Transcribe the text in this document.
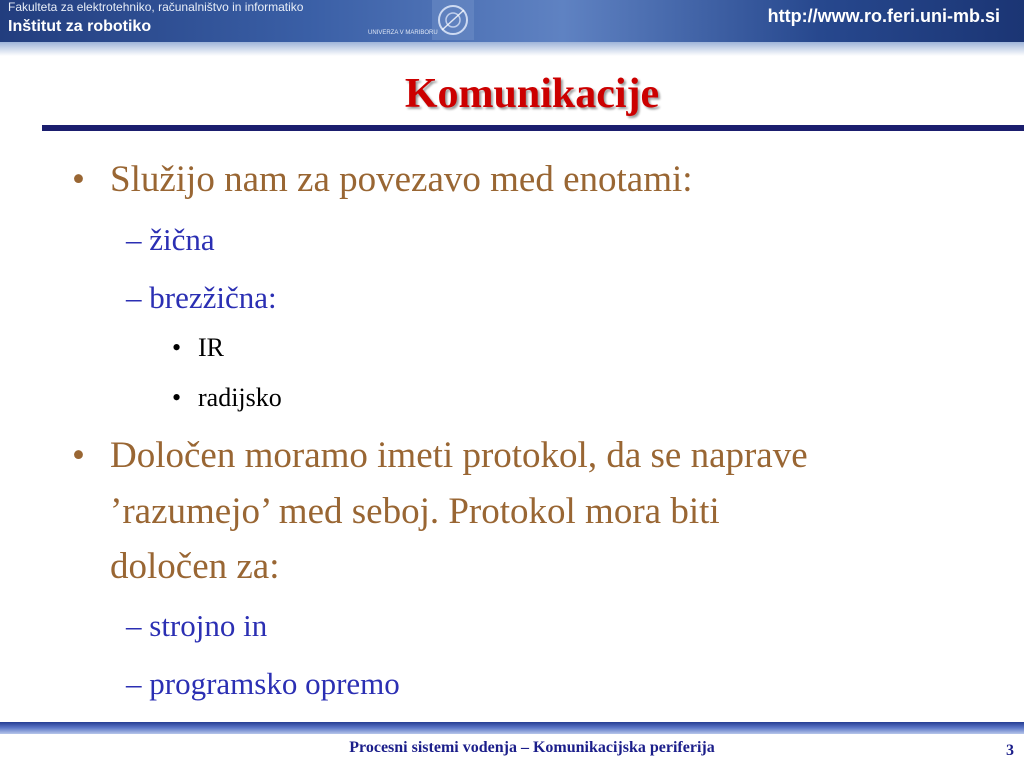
Fakulteta za elektrotehniko, računalništvo in informatiko
Inštitut za robotiko	UNIVERZA V MARIBORU
http://www.ro.feri.uni-mb.si
Komunikacije
• Služijo nam za povezavo med enotami:
– žična
– brezžična:
• IR
• radijsko
• Določen moramo imeti protokol, da se naprave
’razumejo’ med seboj. Protokol mora biti
določen za:
– strojno in
– programsko opremo
Procesni sistemi vodenja – Komunikacijska periferija	3
